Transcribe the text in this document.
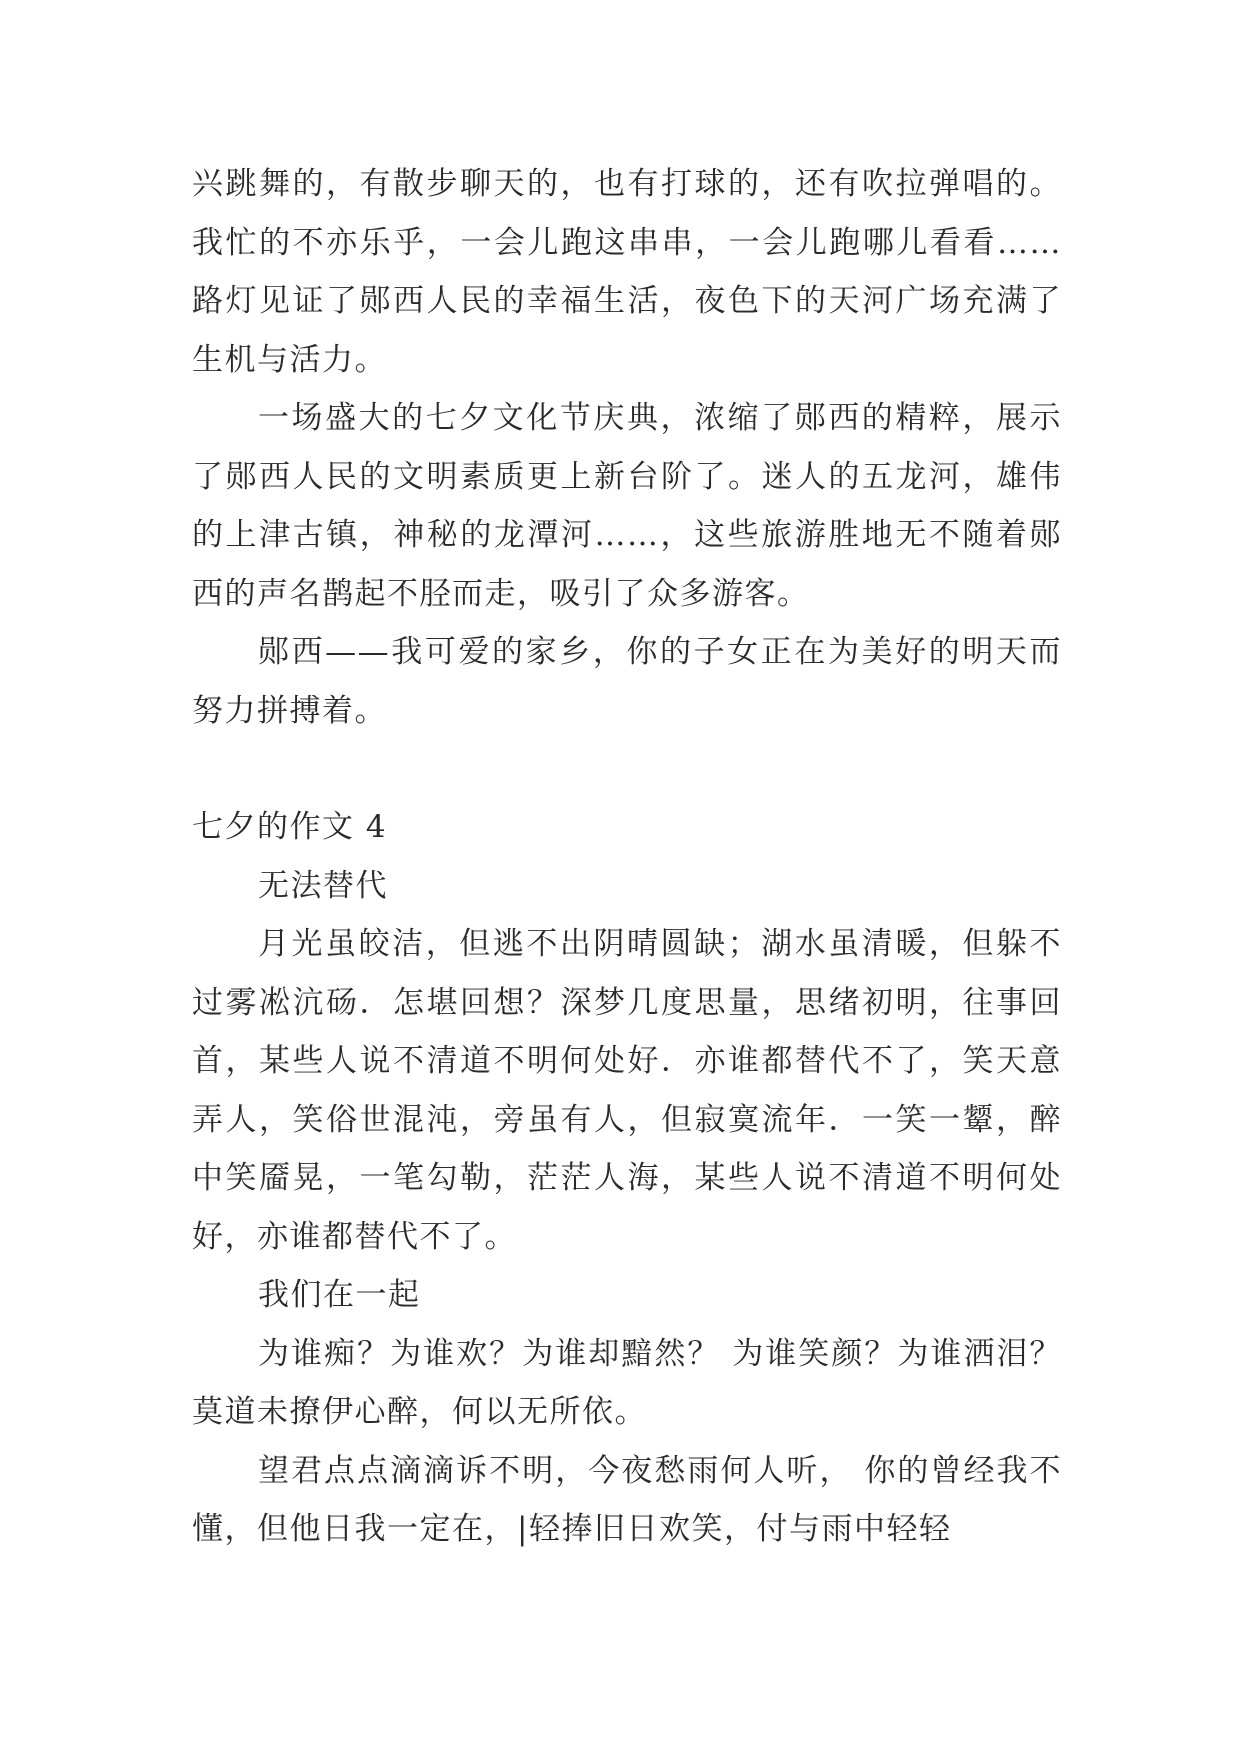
兴跳舞的，有散步聊天的，也有打球的，还有吹拉弹唱的。我忙的不亦乐乎，一会儿跑这串串，一会儿跑哪儿看看……路灯见证了郧西人民的幸福生活，夜色下的天河广场充满了生机与活力。

一场盛大的七夕文化节庆典，浓缩了郧西的精粹，展示了郧西人民的文明素质更上新台阶了。迷人的五龙河，雄伟的上津古镇，神秘的龙潭河……，这些旅游胜地无不随着郧西的声名鹊起不胫而走，吸引了众多游客。

郧西——我可爱的家乡，你的子女正在为美好的明天而努力拼搏着。

七夕的作文 4

无法替代

月光虽皎洁，但逃不出阴晴圆缺；湖水虽清暖，但躲不过雾凇沆砀．怎堪回想？深梦几度思量，思绪初明，往事回首，某些人说不清道不明何处好．亦谁都替代不了，笑天意弄人，笑俗世混沌，旁虽有人，但寂寞流年．一笑一颦，醉中笑靥晃，一笔勾勒，茫茫人海，某些人说不清道不明何处好，亦谁都替代不了。

我们在一起

为谁痴？为谁欢？为谁却黯然？ 为谁笑颜？为谁洒泪？莫道未撩伊心醉，何以无所依。

望君点点滴滴诉不明，今夜愁雨何人听， 你的曾经我不懂，但他日我一定在，|轻捧旧日欢笑，付与雨中轻轻
